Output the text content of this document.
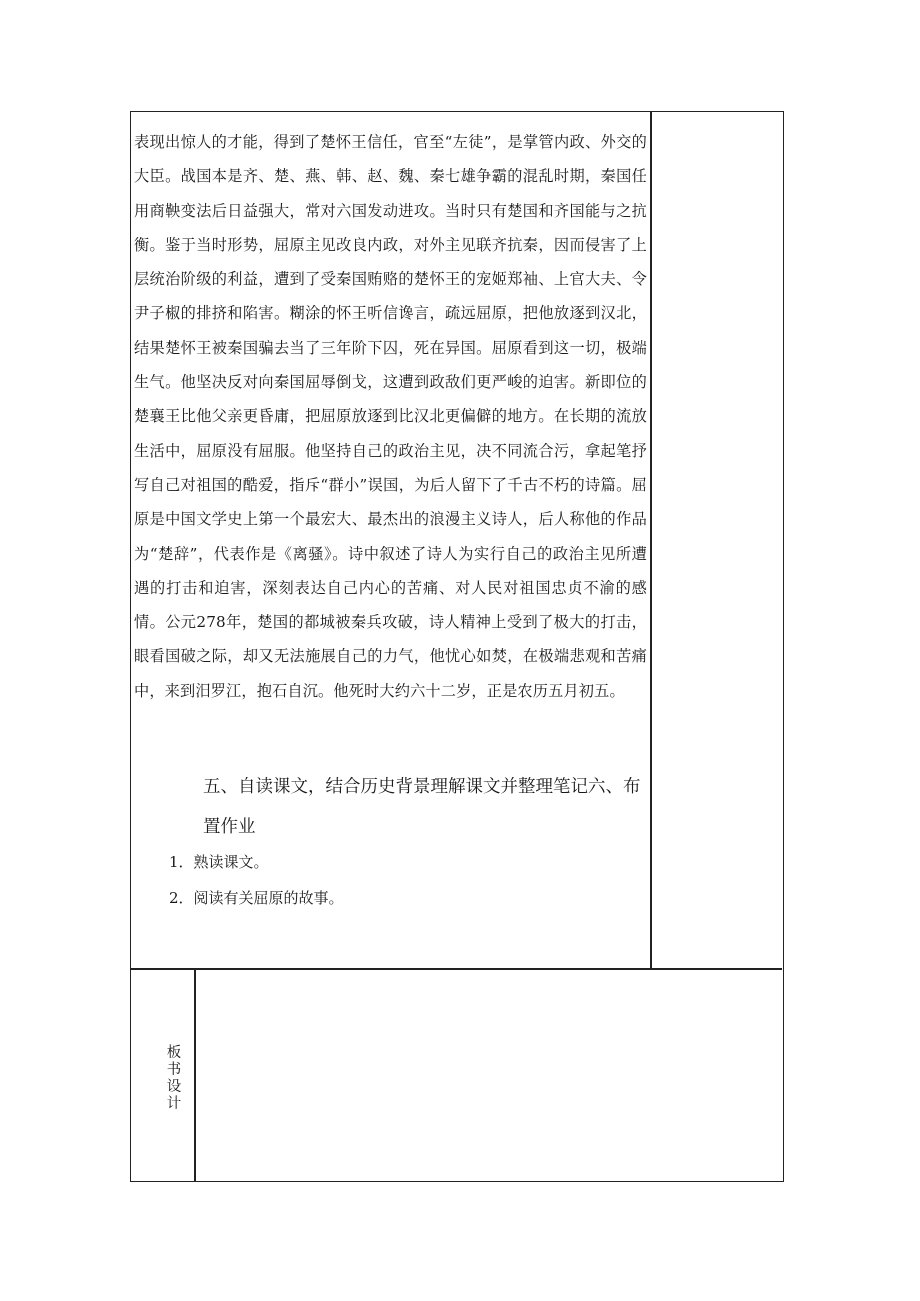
表现出惊人的才能，得到了楚怀王信任，官至“左徒”，是掌管内政、外交的大臣。战国本是齐、楚、燕、韩、赵、魏、秦七雄争霸的混乱时期，秦国任用商鞅变法后日益强大，常对六国发动进攻。当时只有楚国和齐国能与之抗衡。鉴于当时形势，屈原主见改良内政，对外主见联齐抗秦，因而侵害了上层统治阶级的利益，遭到了受秦国贿赂的楚怀王的宠姬郑袖、上官大夫、令尹子椒的排挤和陷害。糊涂的怀王听信谗言，疏远屈原，把他放逐到汉北，结果楚怀王被秦国骗去当了三年阶下囚，死在异国。屈原看到这一切，极端生气。他坚决反对向秦国屈辱倒戈，这遭到政敌们更严峻的迫害。新即位的楚襄王比他父亲更昏庸，把屈原放逐到比汉北更偏僻的地方。在长期的流放生活中，屈原没有屈服。他坚持自己的政治主见，决不同流合污，拿起笔抒写自己对祖国的酷爱，指斥“群小”误国，为后人留下了千古不朽的诗篇。屈原是中国文学史上第一个最宏大、最杰出的浪漫主义诗人，后人称他的作品为“楚辞”，代表作是《离骚》。诗中叙述了诗人为实行自己的政治主见所遭遇的打击和迫害，深刻表达自己内心的苦痛、对人民对祖国忠贞不渝的感情。公元278年，楚国的都城被秦兵攻破，诗人精神上受到了极大的打击，眼看国破之际，却又无法施展自己的力气，他忧心如焚，在极端悲观和苦痛中，来到汨罗江，抱石自沉。他死时大约六十二岁，正是农历五月初五。
五、自读课文，结合历史背景理解课文并整理笔记六、布置作业
1．熟读课文。
2．阅读有关屈原的故事。
板书设计
